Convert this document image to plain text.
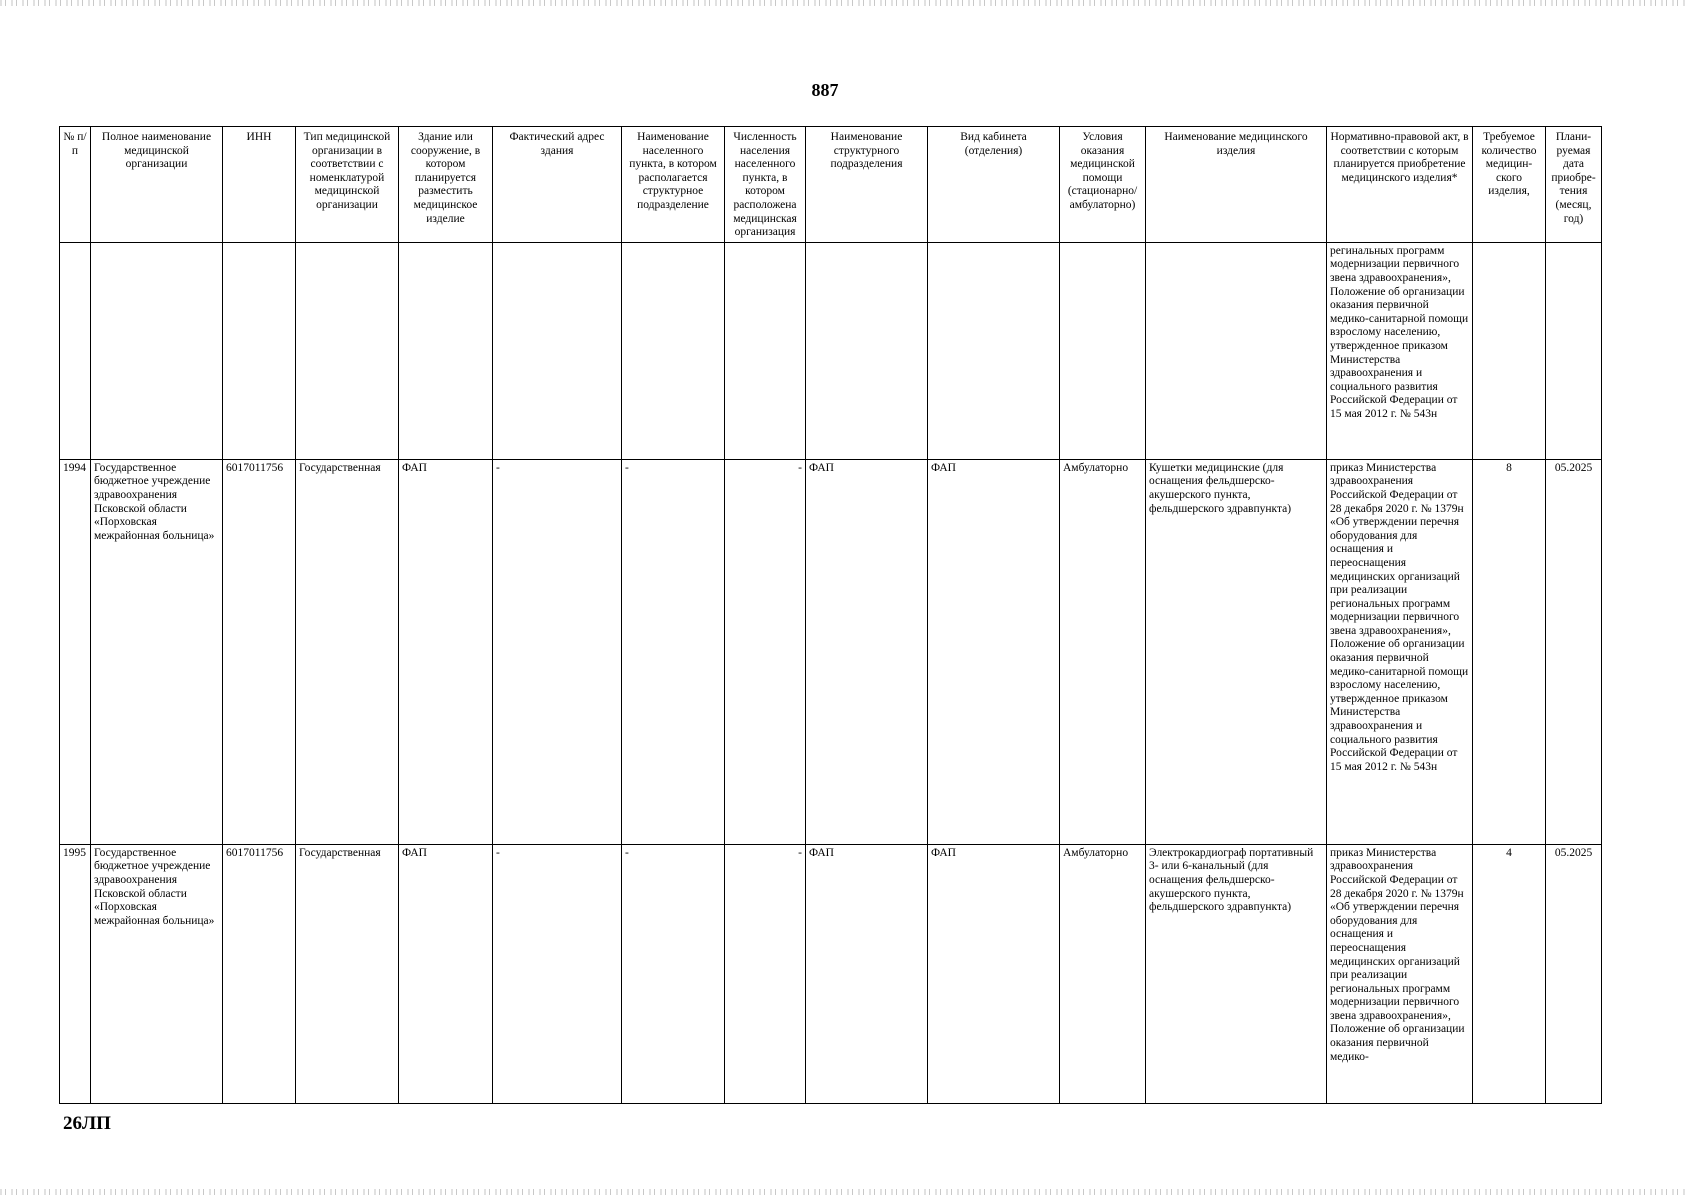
887
№ п/п	Полное наименование медицинской организации	ИНН	Тип медицинской организации в соответствии с номенклатурой медицинской организации	Здание или сооружение, в котором планируется разместить медицинское изделие	Фактический адрес здания	Наименование населенного пункта, в котором располагается структурное подразделение	Численность населения населенного пункта, в котором расположена медицинская организация	Наименование структурного подразделения	Вид кабинета (отделения)	Условия оказания медицинской помощи (стационарно/ амбулаторно)	Наименование медицинского изделия	Нормативно-правовой акт, в соответствии с которым планируется приобретение медицинского изделия*	Требуемое количество медицин-ского изделия,	Плани-руемая дата приобре-тения (месяц, год)
												регинальных программ модернизации первичного звена здравоохранения», Положение об организации оказания первичной медико-санитарной помощи взрослому населению, утвержденное приказом Министерства здравоохранения и социального развития Российской Федерации от 15 мая 2012 г. № 543н		
1994	Государственное бюджетное учреждение здравоохранения Псковской области «Порховская межрайонная больница»	6017011756	Государственная	ФАП	-	-	-	ФАП	ФАП	Амбулаторно	Кушетки медицинские (для оснащения фельдшерско-акушерского пункта, фельдшерского здравпункта)	приказ Министерства здравоохранения Российской Федерации от 28 декабря 2020 г. № 1379н «Об утверждении перечня оборудования для оснащения и переоснащения медицинских организаций при реализации региональных программ модернизации первичного звена здравоохранения», Положение об организации оказания первичной медико-санитарной помощи взрослому населению, утвержденное приказом Министерства здравоохранения и социального развития Российской Федерации от 15 мая 2012 г. № 543н	8	05.2025
1995	Государственное бюджетное учреждение здравоохранения Псковской области «Порховская межрайонная больница»	6017011756	Государственная	ФАП	-	-	-	ФАП	ФАП	Амбулаторно	Электрокардиограф портативный 3- или 6-канальный (для оснащения фельдшерско-акушерского пункта, фельдшерского здравпункта)	приказ Министерства здравоохранения Российской Федерации от 28 декабря 2020 г. № 1379н «Об утверждении перечня оборудования для оснащения и переоснащения медицинских организаций при реализации региональных программ модернизации первичного звена здравоохранения», Положение об организации оказания первичной медико-	4	05.2025
26ЛП
